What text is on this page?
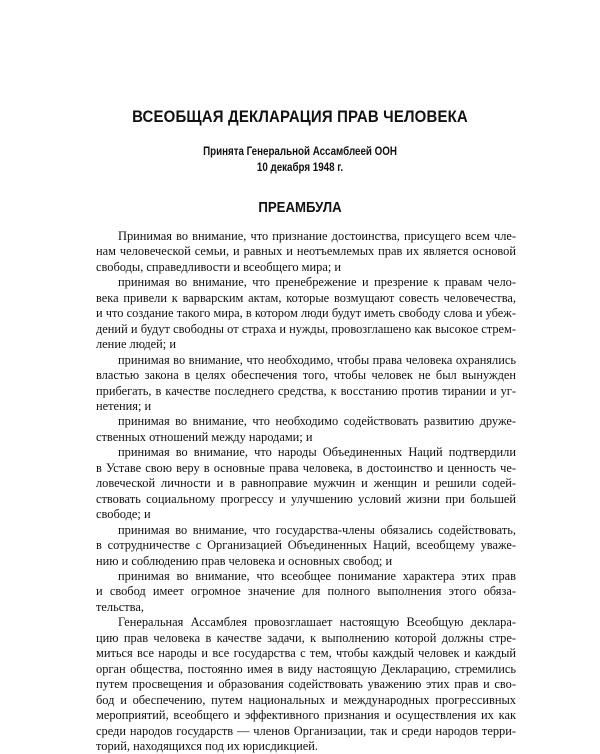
ВСЕОБЩАЯ ДЕКЛАРАЦИЯ ПРАВ ЧЕЛОВЕКА
Принята Генеральной Ассамблеей ООН
10 декабря 1948 г.
ПРЕАМБУЛА
Принимая во внимание, что признание достоинства, присущего всем чле-
нам человеческой семьи, и равных и неотъемлемых прав их является основой
свободы, справедливости и всеобщего мира; и
принимая во внимание, что пренебрежение и презрение к правам чело-
века привели к варварским актам, которые возмущают совесть человечества,
и что создание такого мира, в котором люди будут иметь свободу слова и убеж-
дений и будут свободны от страха и нужды, провозглашено как высокое стрем-
ление людей; и
принимая во внимание, что необходимо, чтобы права человека охранялись
властью закона в целях обеспечения того, чтобы человек не был вынужден
прибегать, в качестве последнего средства, к восстанию против тирании и уг-
нетения; и
принимая во внимание, что необходимо содействовать развитию друже-
ственных отношений между народами; и
принимая во внимание, что народы Объединенных Наций подтвердили
в Уставе свою веру в основные права человека, в достоинство и ценность че-
ловеческой личности и в равноправие мужчин и женщин и решили содей-
ствовать социальному прогрессу и улучшению условий жизни при большей
свободе; и
принимая во внимание, что государства-члены обязались содействовать,
в сотрудничестве с Организацией Объединенных Наций, всеобщему уваже-
нию и соблюдению прав человека и основных свобод; и
принимая во внимание, что всеобщее понимание характера этих прав
и свобод имеет огромное значение для полного выполнения этого обяза-
тельства,
Генеральная Ассамблея провозглашает настоящую Всеобщую деклара-
цию прав человека в качестве задачи, к выполнению которой должны стре-
миться все народы и все государства с тем, чтобы каждый человек и каждый
орган общества, постоянно имея в виду настоящую Декларацию, стремились
путем просвещения и образования содействовать уважению этих прав и сво-
бод и обеспечению, путем национальных и международных прогрессивных
мероприятий, всеобщего и эффективного признания и осуществления их как
среди народов государств — членов Организации, так и среди народов терри-
торий, находящихся под их юрисдикцией.
